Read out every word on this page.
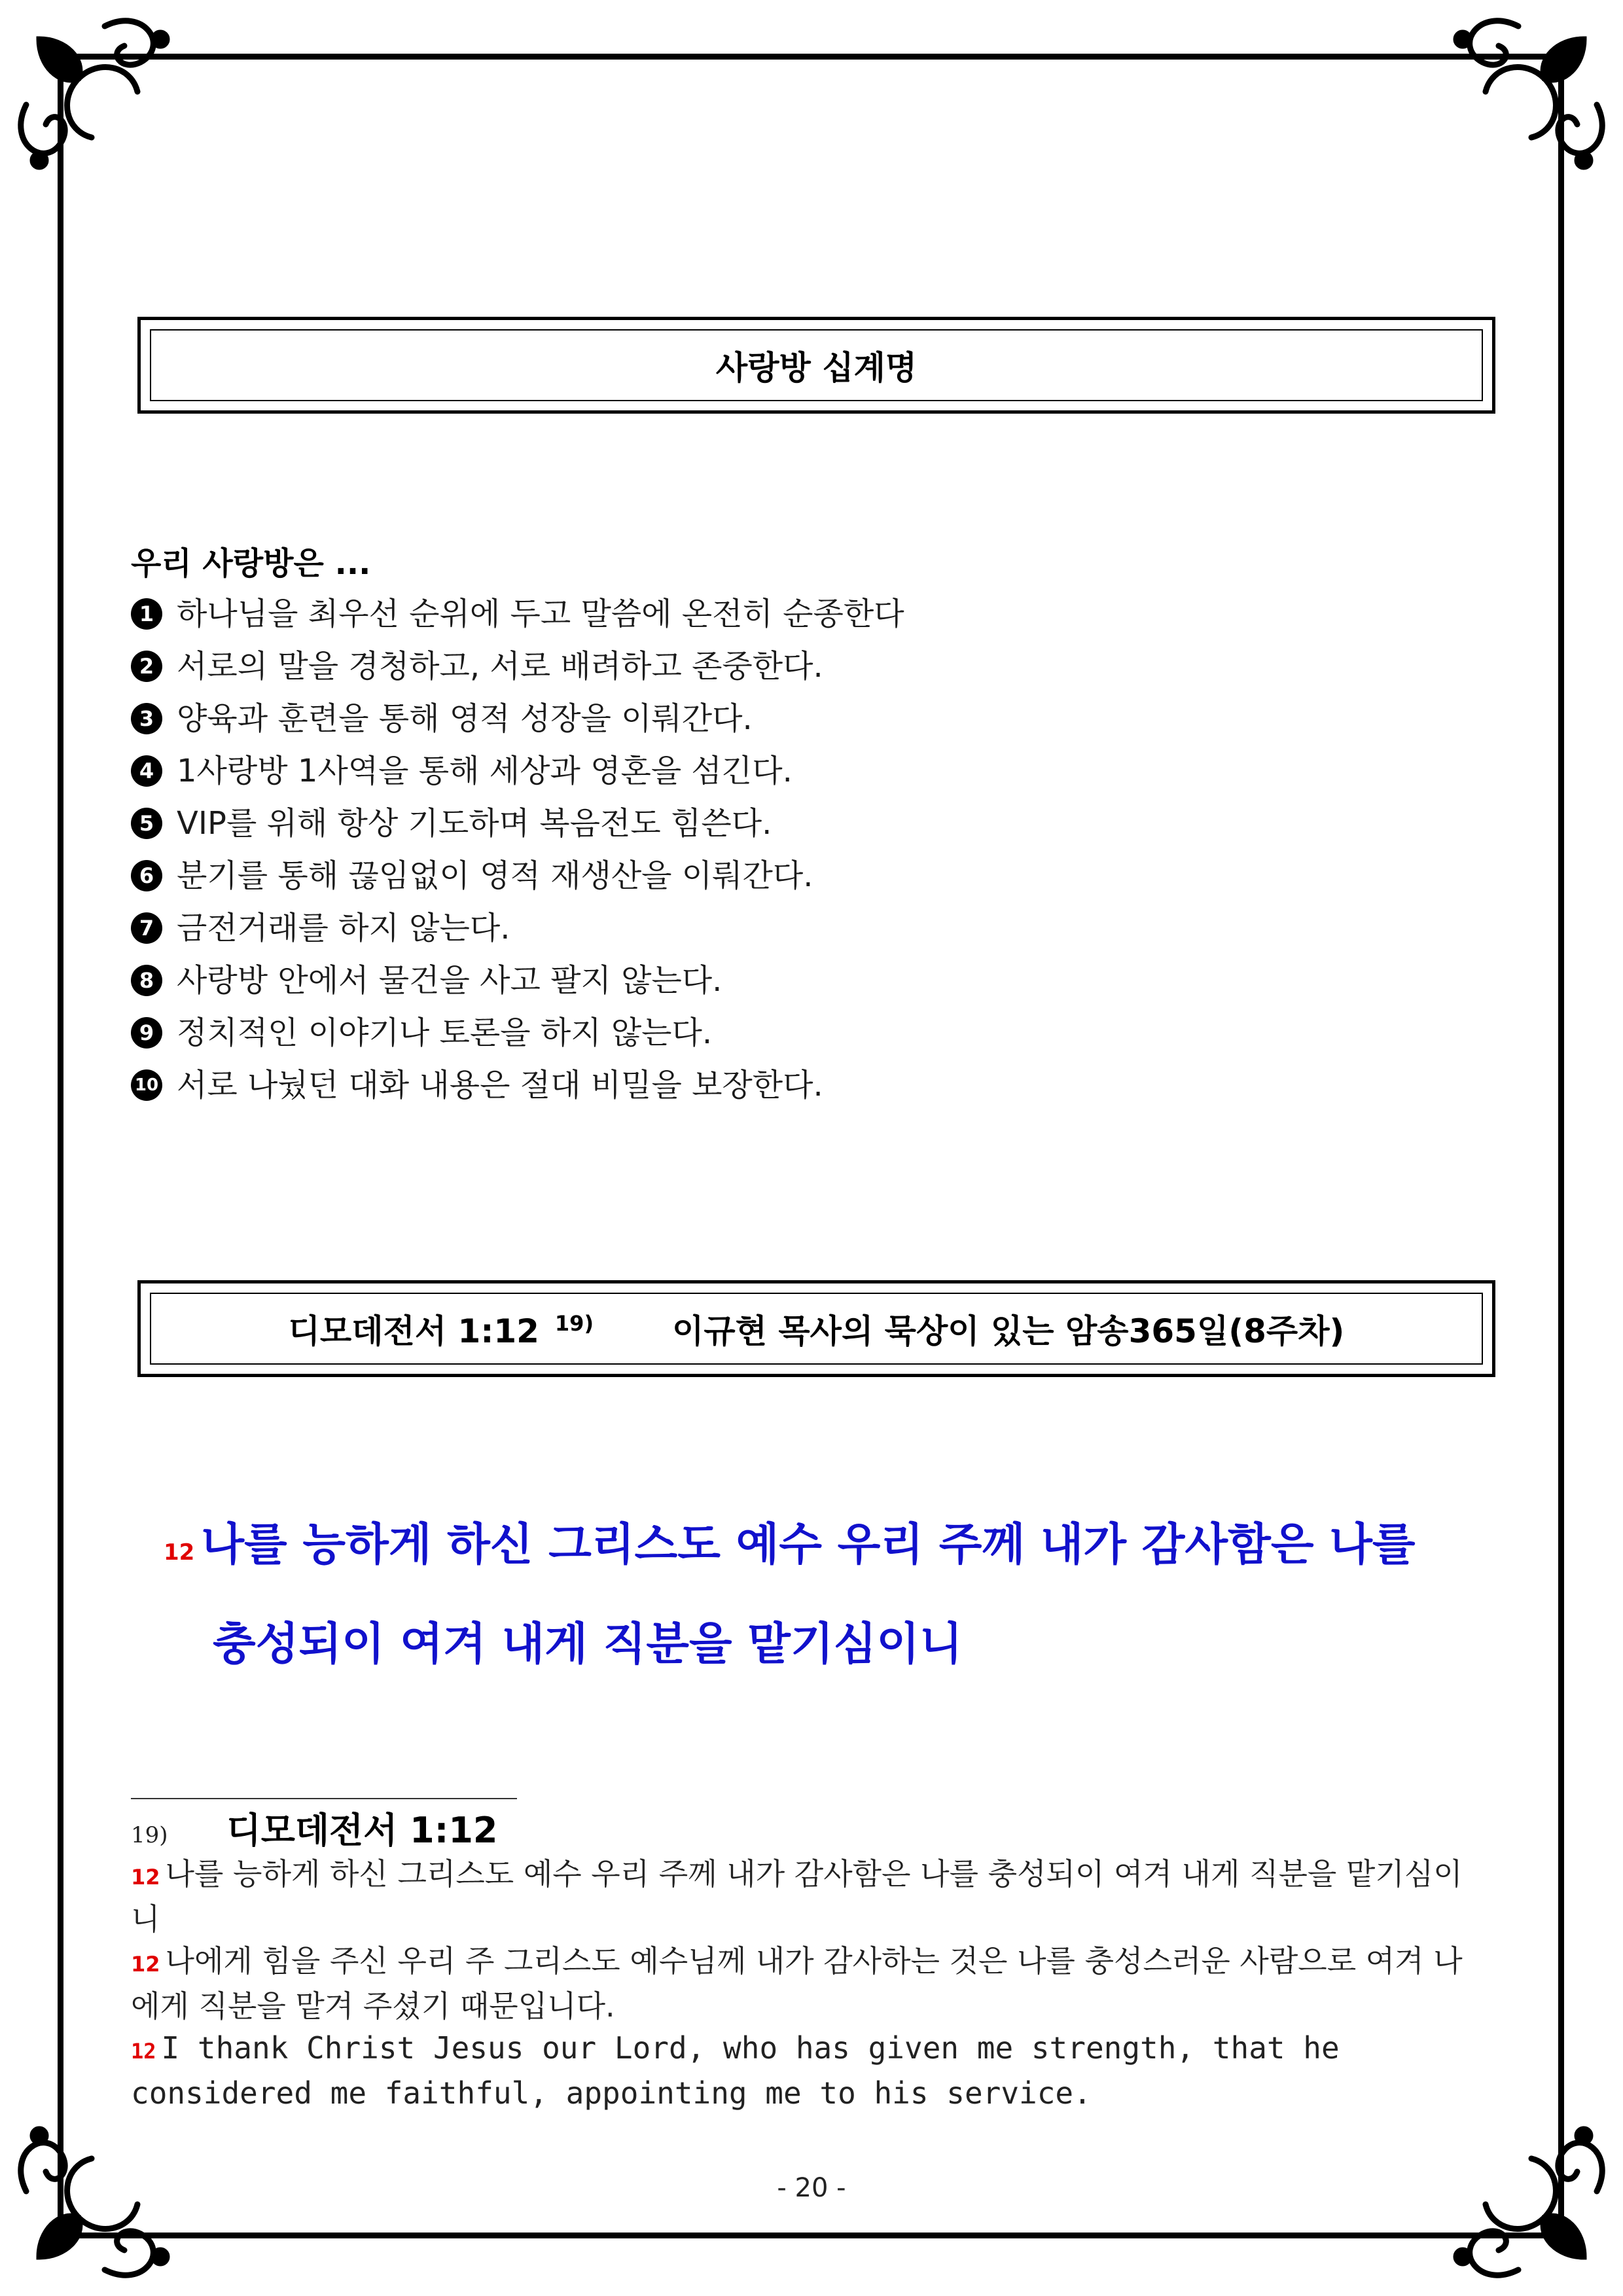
사랑방 십계명
우리 사랑방은 ...
1 하나님을 최우선 순위에 두고 말씀에 온전히 순종한다
2 서로의 말을 경청하고, 서로 배려하고 존중한다.
3 양육과 훈련을 통해 영적 성장을 이뤄간다.
4 1사랑방 1사역을 통해 세상과 영혼을 섬긴다.
5 VIP를 위해 항상 기도하며 복음전도 힘쓴다.
6 분기를 통해 끊임없이 영적 재생산을 이뤄간다.
7 금전거래를 하지 않는다.
8 사랑방 안에서 물건을 사고 팔지 않는다.
9 정치적인 이야기나 토론을 하지 않는다.
10 서로 나눴던 대화 내용은 절대 비밀을 보장한다.
디모데전서 1:12 $^{19)}$ 이규현 목사의 묵상이 있는 암송365일(8주차)
12 나를 능하게 하신 그리스도 예수 우리 주께 내가 감사함은 나를
충성되이 여겨 내게 직분을 맡기심이니
19) 디모데전서 1:12

12 나를 능하게 하신 그리스도 예수 우리 주께 내가 감사함은 나를 충성되이 여겨 내게 직분을 맡기심이니

12 나에게 힘을 주신 우리 주 그리스도 예수님께 내가 감사하는 것은 나를 충성스러운 사람으로 여겨 나에게 직분을 맡겨 주셨기 때문입니다.

12 I thank Christ Jesus our Lord, who has given me strength, that he considered me faithful, appointing me to his service.

- 20 -
